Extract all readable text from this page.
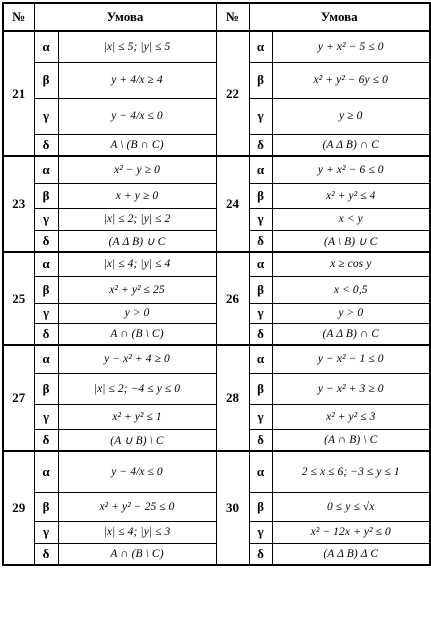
№	Умова		№	Умова	
21	α	|x| ≤ 5; |y| ≤ 5	22	α	y + x² − 5 ≤ 0
	β	y + 4/x ≥ 4		β	x² + y² − 6y ≤ 0
	γ	y − 4/x ≤ 0		γ	y ≥ 0
	δ	A \ (B ∩ C)		δ	(A Δ B) ∩ C
23	α	x² − y ≥ 0	24	α	y + x² − 6 ≤ 0
	β	x + y ≥ 0		β	x² + y² ≤ 4
	γ	|x| ≤ 2; |y| ≤ 2		γ	x < y
	δ	(A Δ B) ∪ C		δ	(A \ B) ∪ C
25	α	|x| ≤ 4; |y| ≤ 4	26	α	x ≥ cos y
	β	x² + y² ≤ 25		β	x < 0,5
	γ	y > 0		γ	y > 0
	δ	A ∩ (B \ C)		δ	(A Δ B) ∩ C
27	α	y − x² + 4 ≥ 0	28	α	y − x² − 1 ≤ 0
	β	|x| ≤ 2; −4 ≤ y ≤ 0		β	y − x² + 3 ≥ 0
	γ	x² + y² ≤ 1		γ	x² + y² ≤ 3
	δ	(A ∪ B) \ C		δ	(A ∩ B) \ C
29	α	y − 4/x ≤ 0	30	α	2 ≤ x ≤ 6; −3 ≤ y ≤ 1
	β	x² + y² − 25 ≤ 0		β	0 ≤ y ≤ √x
	γ	|x| ≤ 4; |y| ≤ 3		γ	x² − 12x + y² ≤ 0
	δ	A ∩ (B \ C)		δ	(A Δ B) Δ C
